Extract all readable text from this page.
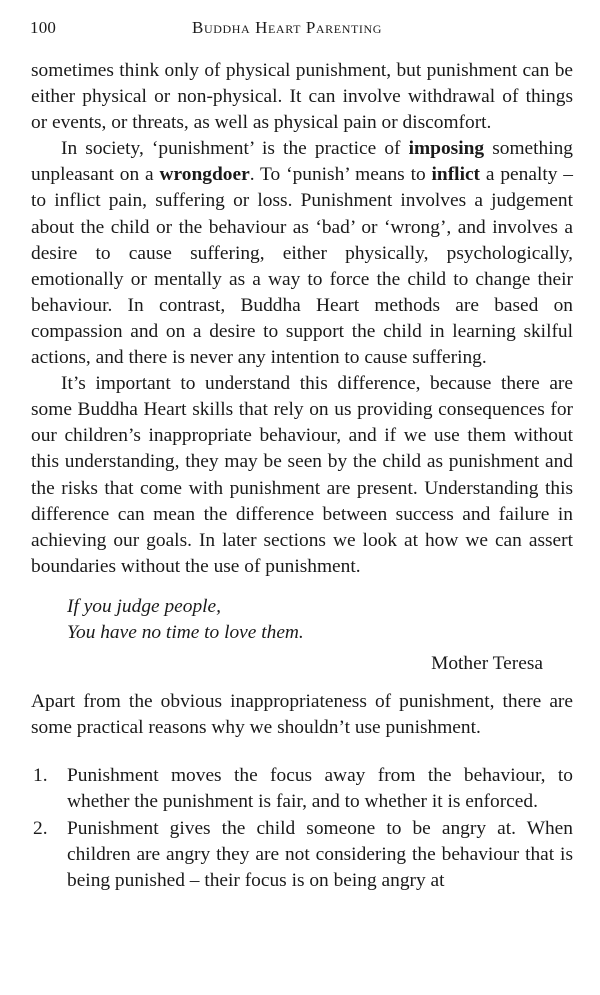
100	Buddha Heart Parenting

sometimes think only of physical punishment, but punishment can be either physical or non-physical. It can involve withdrawal of things or events, or threats, as well as physical pain or discomfort.

In society, ‘punishment’ is the practice of imposing something unpleasant on a wrongdoer. To ‘punish’ means to inflict a penalty – to inflict pain, suffering or loss. Punishment involves a judgement about the child or the behaviour as ‘bad’ or ‘wrong’, and involves a desire to cause suffering, either physically, psychologically, emotionally or mentally as a way to force the child to change their behaviour. In contrast, Buddha Heart methods are based on compassion and on a desire to support the child in learning skilful actions, and there is never any intention to cause suffering.

It’s important to understand this difference, because there are some Buddha Heart skills that rely on us providing consequences for our children’s inappropriate behaviour, and if we use them without this understanding, they may be seen by the child as punishment and the risks that come with punishment are present. Understanding this difference can mean the difference between success and failure in achieving our goals. In later sections we look at how we can assert boundaries without the use of punishment.

If you judge people,
You have no time to love them.
Mother Teresa

Apart from the obvious inappropriateness of punishment, there are some practical reasons why we shouldn’t use punishment.

1. Punishment moves the focus away from the behaviour, to whether the punishment is fair, and to whether it is enforced.
2. Punishment gives the child someone to be angry at. When children are angry they are not considering the behaviour that is being punished – their focus is on being angry at
